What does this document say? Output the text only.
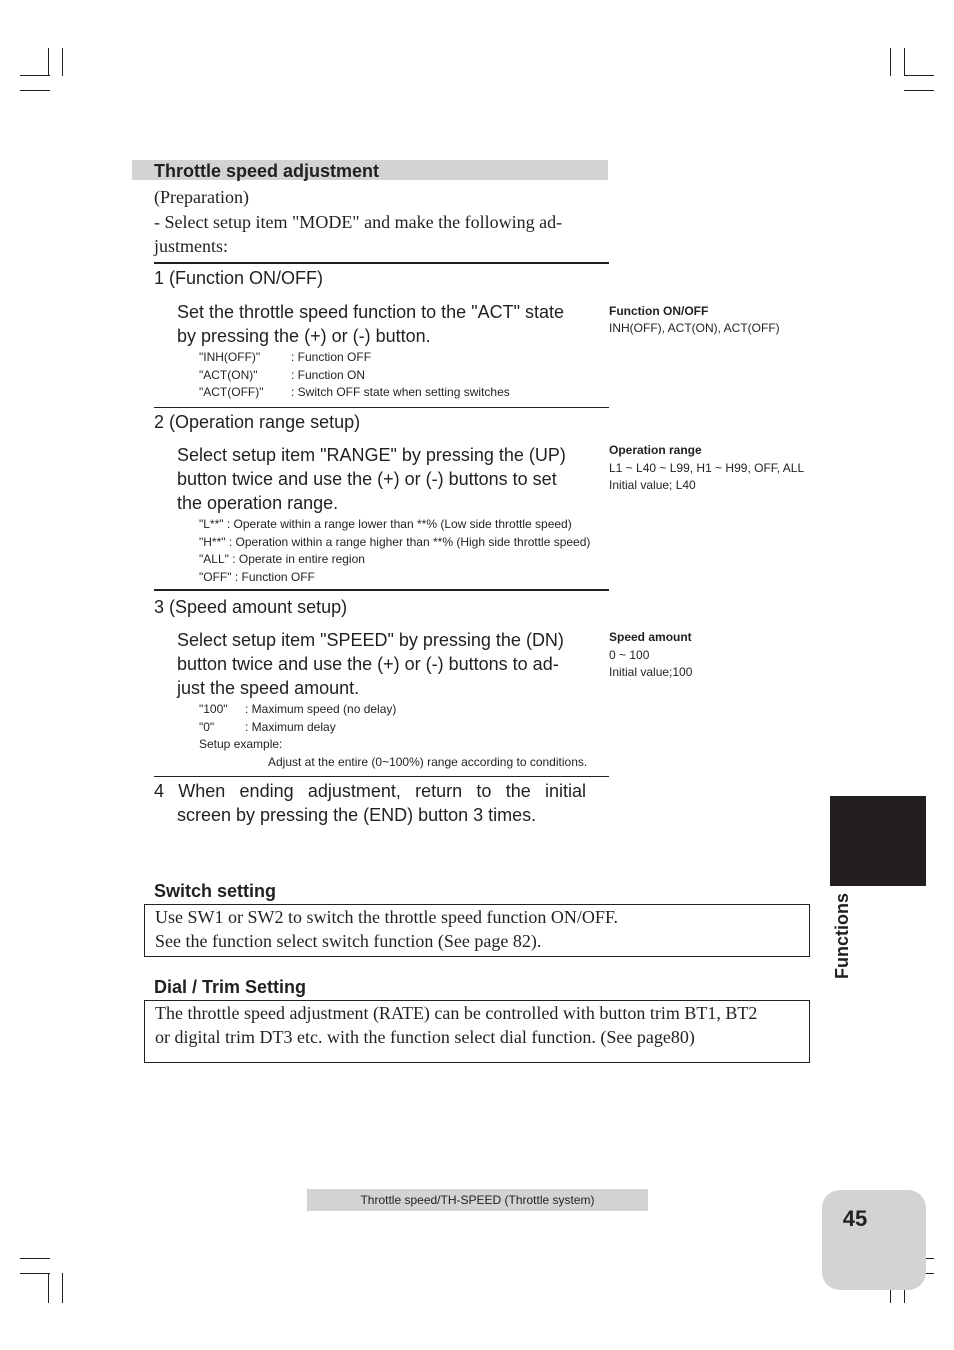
Throttle speed adjustment
(Preparation)
- Select setup item "MODE" and make the following ad-
justments:
1 (Function ON/OFF)
Set the throttle speed function to the "ACT" state
by pressing the (+) or (-) button.
"INH(OFF)"	: Function OFF
"ACT(ON)"	: Function ON
"ACT(OFF)" : Switch OFF state when setting switches
2 (Operation range setup)
Select setup item "RANGE" by pressing the (UP)
button twice and use the (+) or (-) buttons to set
the operation range.
"L**" : Operate within a range lower than **% (Low side throttle speed)
"H**" : Operation within a range higher than **% (High side throttle speed)
"ALL" : Operate in entire region
"OFF" : Function OFF
3 (Speed amount setup)
Select setup item "SPEED" by pressing the (DN)
button twice and use the (+) or (-) buttons to ad-
just the speed amount.
"100" : Maximum speed (no delay)
"0"	: Maximum delay
Setup example:
Adjust at the entire (0~100%) range according to conditions.
4 When ending adjustment, return to the initial
screen by pressing the (END) button 3 times.
Function ON/OFF
INH(OFF), ACT(ON), ACT(OFF)
Operation range
L1 ~ L40 ~ L99, H1 ~ H99, OFF, ALL
Initial value; L40
Speed amount
0 ~ 100
Initial value;100
Switch setting
Use SW1 or SW2 to switch the throttle speed function ON/OFF.
See the function select switch function (See page 82).
Dial / Trim Setting
The throttle speed adjustment (RATE) can be controlled with button trim BT1, BT2
or digital trim DT3 etc. with the function select dial function. (See page80)
Functions
Throttle speed/TH-SPEED (Throttle system)
45
